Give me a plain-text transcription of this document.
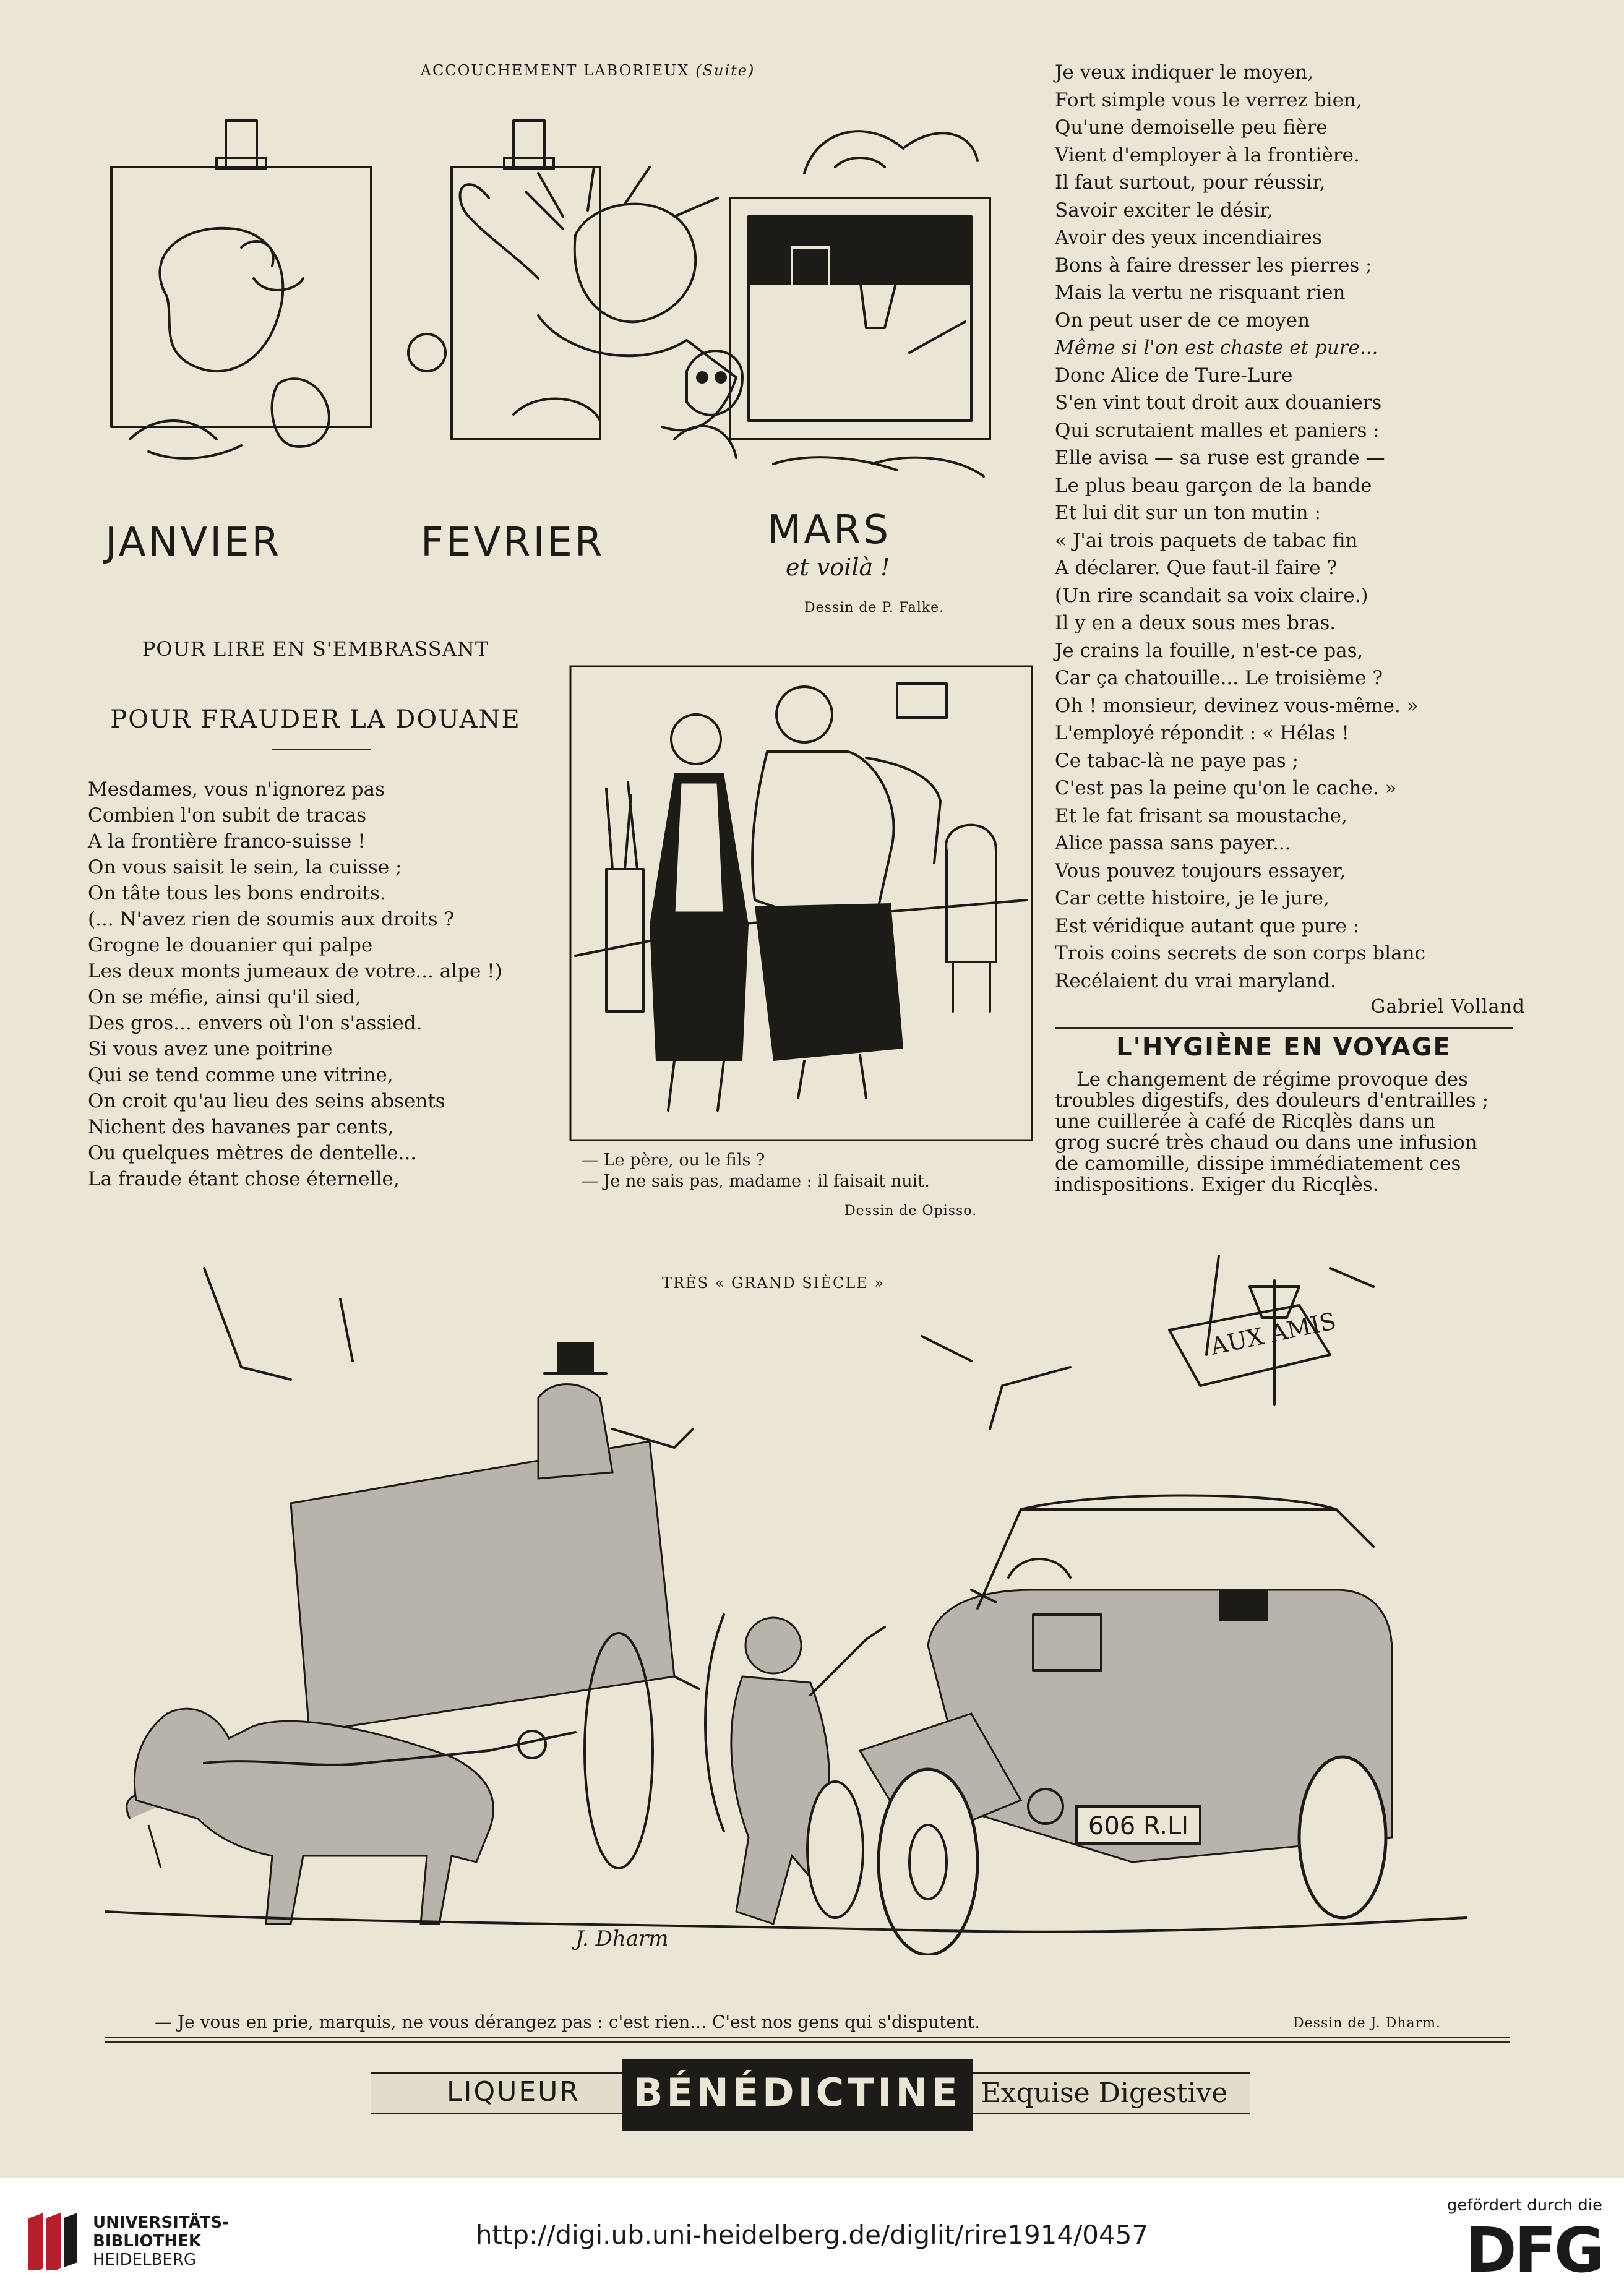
ACCOUCHEMENT LABORIEUX (Suite)
JANVIER	FEVRIER	MARS
et voilà !
Dessin de P. Falke.
Je veux indiquer le moyen,
Fort simple vous le verrez bien,
Qu'une demoiselle peu fière
Vient d'employer à la frontière.
Il faut surtout, pour réussir,
Savoir exciter le désir,
Avoir des yeux incendiaires
Bons à faire dresser les pierres ;
Mais la vertu ne risquant rien
On peut user de ce moyen
Même si l'on est chaste et pure...
Donc Alice de Ture-Lure
S'en vint tout droit aux douaniers
Qui scrutaient malles et paniers :
Elle avisa — sa ruse est grande —
Le plus beau garçon de la bande
Et lui dit sur un ton mutin :
« J'ai trois paquets de tabac fin
A déclarer. Que faut-il faire ?
(Un rire scandait sa voix claire.)
Il y en a deux sous mes bras.
Je crains la fouille, n'est-ce pas,
Car ça chatouille... Le troisième ?
Oh ! monsieur, devinez vous-même. »
L'employé répondit : « Hélas !
Ce tabac-là ne paye pas ;
C'est pas la peine qu'on le cache. »
Et le fat frisant sa moustache,
Alice passa sans payer...
Vous pouvez toujours essayer,
Car cette histoire, je le jure,
Est véridique autant que pure :
Trois coins secrets de son corps blanc
Recélaient du vrai maryland.
Gabriel Volland
L'HYGIÈNE EN VOYAGE
Le changement de régime provoque des
troubles digestifs, des douleurs d'entrailles ;
une cuillerée à café de Ricqlès dans un
grog sucré très chaud ou dans une infusion
de camomille, dissipe immédiatement ces
indispositions. Exiger du Ricqlès.
POUR LIRE EN S'EMBRASSANT
POUR FRAUDER LA DOUANE
Mesdames, vous n'ignorez pas
Combien l'on subit de tracas
A la frontière franco-suisse !
On vous saisit le sein, la cuisse ;
On tâte tous les bons endroits.
(... N'avez rien de soumis aux droits ?
Grogne le douanier qui palpe
Les deux monts jumeaux de votre... alpe !)
On se méfie, ainsi qu'il sied,
Des gros... envers où l'on s'assied.
Si vous avez une poitrine
Qui se tend comme une vitrine,
On croit qu'au lieu des seins absents
Nichent des havanes par cents,
Ou quelques mètres de dentelle...
La fraude étant chose éternelle,
— Le père, ou le fils ?
— Je ne sais pas, madame : il faisait nuit.
Dessin de Opisso.
TRÈS « GRAND SIÈCLE »
AUX AMIS
606 R.LI
J. Dharm
— Je vous en prie, marquis, ne vous dérangez pas : c'est rien... C'est nos gens qui s'disputent.	Dessin de J. Dharm.
LIQUEUR	BÉNÉDICTINE Exquise Digestive
UNIVERSITÄTS-
BIBLIOTHEK
HEIDELBERG
http://digi.ub.uni-heidelberg.de/diglit/rire1914/0457
gefördert durch die
DFG
